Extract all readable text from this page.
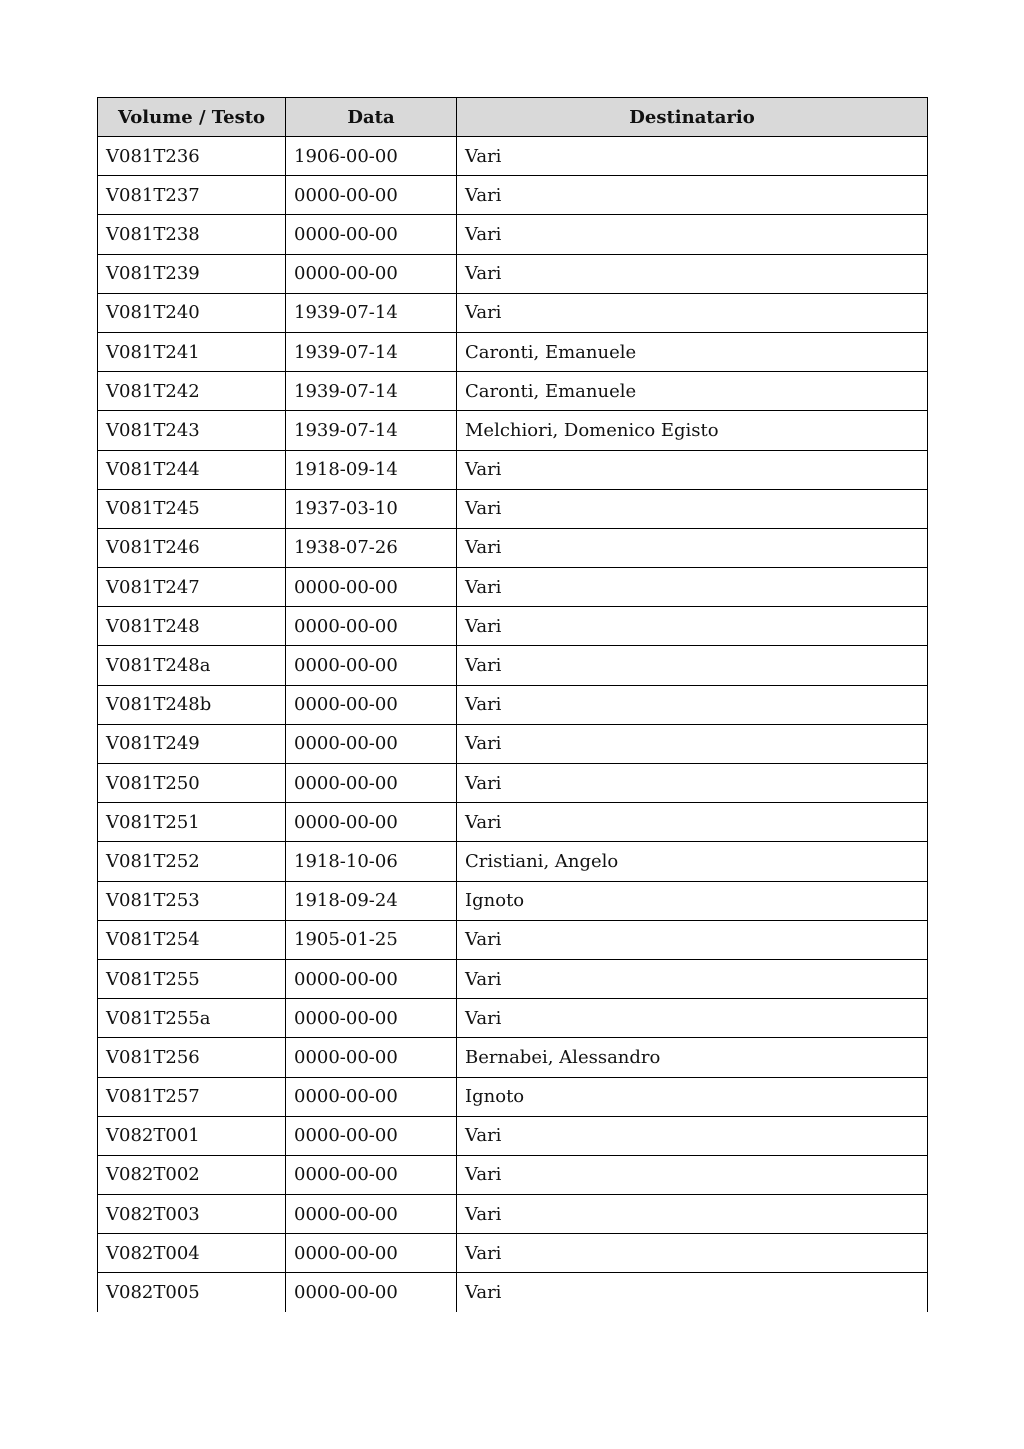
Volume / Testo	Data	Destinatario
V081T236	1906-00-00	Vari
V081T237	0000-00-00	Vari
V081T238	0000-00-00	Vari
V081T239	0000-00-00	Vari
V081T240	1939-07-14	Vari
V081T241	1939-07-14	Caronti, Emanuele
V081T242	1939-07-14	Caronti, Emanuele
V081T243	1939-07-14	Melchiori, Domenico Egisto
V081T244	1918-09-14	Vari
V081T245	1937-03-10	Vari
V081T246	1938-07-26	Vari
V081T247	0000-00-00	Vari
V081T248	0000-00-00	Vari
V081T248a	0000-00-00	Vari
V081T248b	0000-00-00	Vari
V081T249	0000-00-00	Vari
V081T250	0000-00-00	Vari
V081T251	0000-00-00	Vari
V081T252	1918-10-06	Cristiani, Angelo
V081T253	1918-09-24	Ignoto
V081T254	1905-01-25	Vari
V081T255	0000-00-00	Vari
V081T255a	0000-00-00	Vari
V081T256	0000-00-00	Bernabei, Alessandro
V081T257	0000-00-00	Ignoto
V082T001	0000-00-00	Vari
V082T002	0000-00-00	Vari
V082T003	0000-00-00	Vari
V082T004	0000-00-00	Vari
V082T005	0000-00-00	Vari
